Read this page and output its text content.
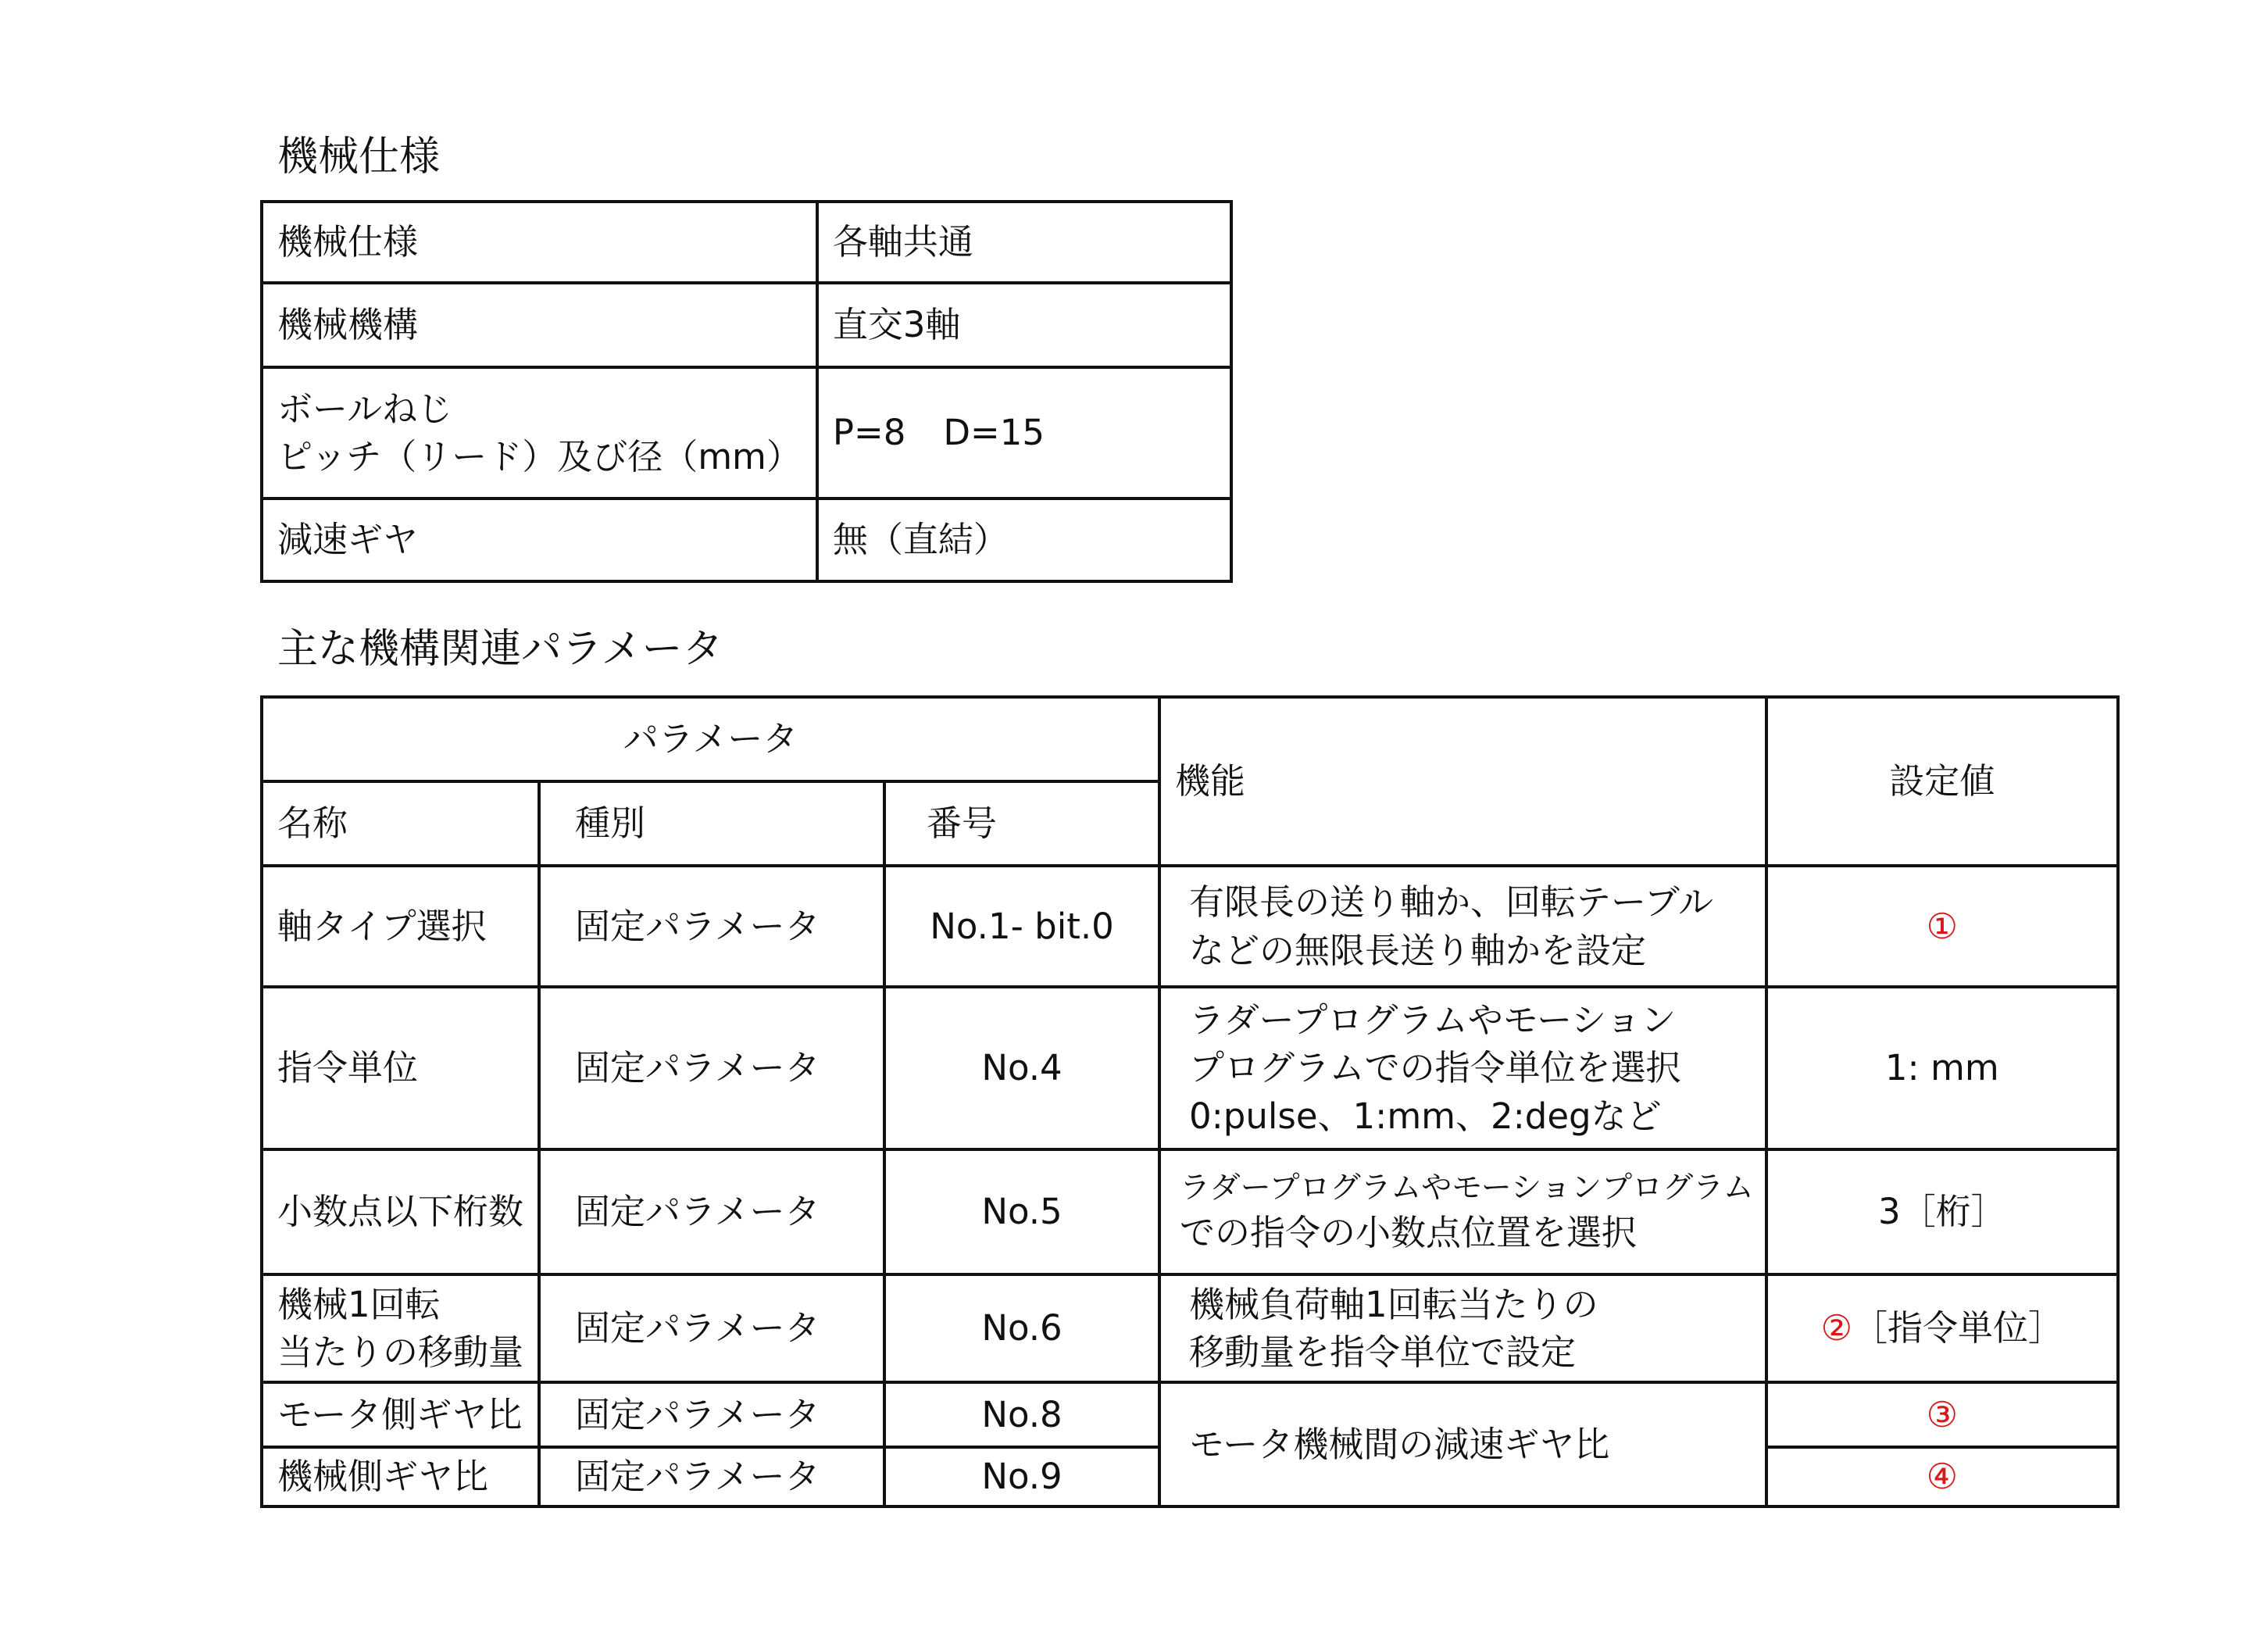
機械仕様
機械仕様	各軸共通
機械機構	直交3軸

ボールねじ
ピッチ（リード）及び径（mm）	P=8 D=15
減速ギヤ	無（直結）
主な機構関連パラメータ
パラメータ			機能	設定値
名称	種別	番号		
軸タイプ選択	固定パラメータ	No.1- bit.0	有限長の送り軸か、回転テーブル
などの無限長送り軸かを設定	①
指令単位	固定パラメータ	No.4	ラダープログラムやモーション
プログラムでの指令単位を選択
0:pulse、1:mm、2:degなど	1: mm
小数点以下桁数	固定パラメータ	No.5	ラダープログラムやモーションプログラム
での指令の小数点位置を選択	3［桁］

機械1回転
当たりの移動量	固定パラメータ	No.6	機械負荷軸1回転当たりの
移動量を指令単位で設定	②［指令単位］
モータ側ギヤ比	固定パラメータ	No.8	モータ機械間の減速ギヤ比	③
機械側ギヤ比	固定パラメータ	No.9		④
